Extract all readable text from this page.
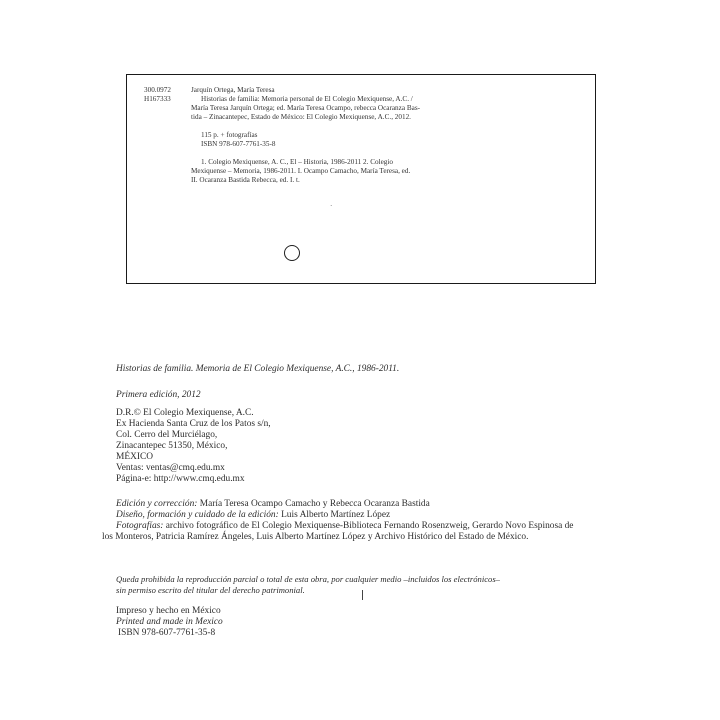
300.0972
H167333
Jarquín Ortega, María Teresa
Historias de familia: Memoria personal de El Colegio Mexiquense, A.C. /
María Teresa Jarquín Ortega; ed. María Teresa Ocampo, rebecca Ocaranza Bas-
tida – Zinacantepec, Estado de México: El Colegio Mexiquense, A.C., 2012.
115 p. + fotografías
ISBN 978-607-7761-35-8
1. Colegio Mexiquense, A. C., El – Historia, 1986-2011 2. Colegio
Mexiquense – Memoria, 1986-2011. I. Ocampo Camacho, María Teresa, ed.
II. Ocaranza Bastida Rebecca, ed. I. t.
·
Historias de familia. Memoria de El Colegio Mexiquense, A.C., 1986-2011.
Primera edición, 2012
D.R.© El Colegio Mexiquense, A.C.
Ex Hacienda Santa Cruz de los Patos s/n,
Col. Cerro del Murciélago,
Zinacantepec 51350, México,
MÉXICO
Ventas: ventas@cmq.edu.mx
Página-e: http://www.cmq.edu.mx
Edición y corrección: María Teresa Ocampo Camacho y Rebecca Ocaranza Bastida
Diseño, formación y cuidado de la edición: Luis Alberto Martínez López
Fotografías: archivo fotográfico de El Colegio Mexiquense-Biblioteca Fernando Rosenzweig, Gerardo Novo Espinosa de
los Monteros, Patricia Ramírez Ángeles, Luis Alberto Martínez López y Archivo Histórico del Estado de México.
Queda prohibida la reproducción parcial o total de esta obra, por cualquier medio –incluidos los electrónicos–
sin permiso escrito del titular del derecho patrimonial.
Impreso y hecho en México
Printed and made in Mexico
ISBN 978-607-7761-35-8
